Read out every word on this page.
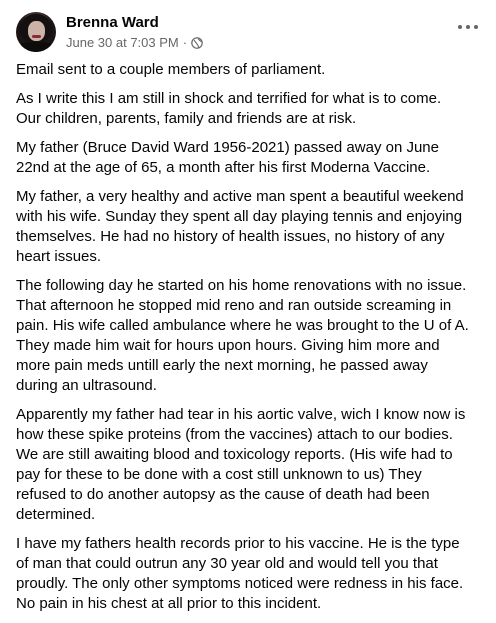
Brenna Ward
June 30 at 7:03 PM ·

Email sent to a couple members of parliament.

As I write this I am still in shock and terrified for what is to come.
Our children, parents, family and friends are at risk.

My father (Bruce David Ward 1956-2021) passed away on June
22nd at the age of 65, a month after his first Moderna Vaccine.

My father, a very healthy and active man spent a beautiful weekend
with his wife. Sunday they spent all day playing tennis and enjoying
themselves. He had no history of health issues, no history of any
heart issues.

The following day he started on his home renovations with no issue.
That afternoon he stopped mid reno and ran outside screaming in
pain. His wife called ambulance where he was brought to the U of A.
They made him wait for hours upon hours. Giving him more and
more pain meds untill early the next morning, he passed away
during an ultrasound.

Apparently my father had tear in his aortic valve, wich I know now is
how these spike proteins (from the vaccines) attach to our bodies.
We are still awaiting blood and toxicology reports. (His wife had to
pay for these to be done with a cost still unknown to us) They
refused to do another autopsy as the cause of death had been
determined.

I have my fathers health records prior to his vaccine. He is the type
of man that could outrun any 30 year old and would tell you that
proudly. The only other symptoms noticed were redness in his face.
No pain in his chest at all prior to this incident.
